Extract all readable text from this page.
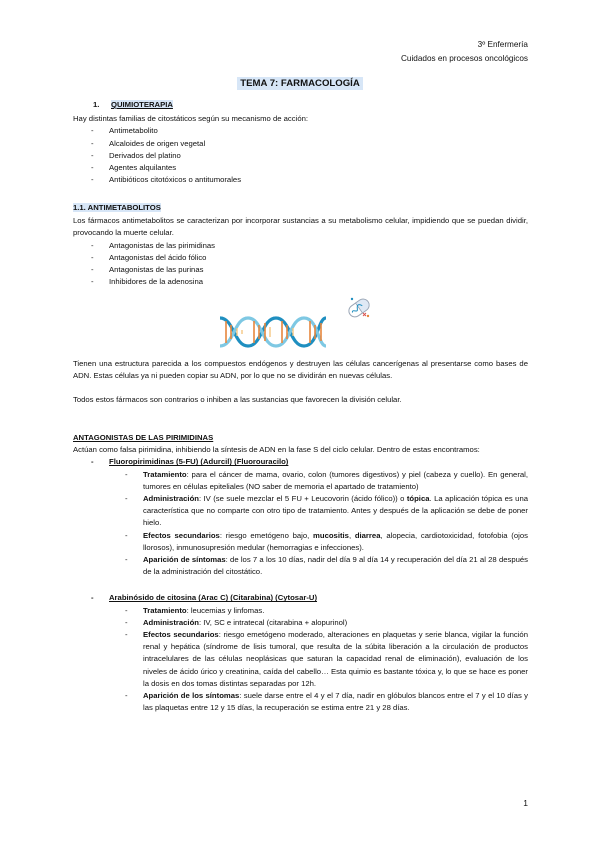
3º Enfermería
Cuidados en procesos oncológicos
TEMA 7: FARMACOLOGÍA
1. QUIMIOTERAPIA
Hay distintas familias de citostáticos según su mecanismo de acción:
- Antimetabolito
- Alcaloides de origen vegetal
- Derivados del platino
- Agentes alquilantes
- Antibióticos citotóxicos o antitumorales
1.1. ANTIMETABOLITOS
Los fármacos antimetabolitos se caracterizan por incorporar sustancias a su metabolismo celular, impidiendo que se puedan dividir, provocando la muerte celular.
- Antagonistas de las pirimidinas
- Antagonistas del ácido fólico
- Antagonistas de las purinas
- Inhibidores de la adenosina
Tienen una estructura parecida a los compuestos endógenos y destruyen las células cancerígenas al presentarse como bases de ADN. Estas células ya ni pueden copiar su ADN, por lo que no se dividirán en nuevas células.
Todos estos fármacos son contrarios o inhiben a las sustancias que favorecen la división celular.
ANTAGONISTAS DE LAS PIRIMIDINAS
Actúan como falsa pirimidina, inhibiendo la síntesis de ADN en la fase S del ciclo celular. Dentro de estas encontramos:
- Fluoropirimidinas (5-FU) (Adurcil) (Fluorouracilo)
- Tratamiento: para el cáncer de mama, ovario, colon (tumores digestivos) y piel (cabeza y cuello). En general, tumores en células epiteliales (NO saber de memoria el apartado de tratamiento)
- Administración: IV (se suele mezclar el 5 FU + Leucovorin (ácido fólico)) o tópica. La aplicación tópica es una característica que no comparte con otro tipo de tratamiento. Antes y después de la aplicación se debe de poner hielo.
- Efectos secundarios: riesgo emetógeno bajo, mucositis, diarrea, alopecia, cardiotoxicidad, fotofobia (ojos llorosos), inmunosupresión medular (hemorragias e infecciones).
- Aparición de síntomas: de los 7 a los 10 días, nadir del día 9 al día 14 y recuperación del día 21 al 28 después de la administración del citostático.
- Arabinósido de citosina (Arac C) (Citarabina) (Cytosar-U)
- Tratamiento: leucemias y linfomas.
- Administración: IV, SC e intratecal (citarabina + alopurinol)
- Efectos secundarios: riesgo emetógeno moderado, alteraciones en plaquetas y serie blanca, vigilar la función renal y hepática (síndrome de lisis tumoral, que resulta de la súbita liberación a la circulación de productos intracelulares de las células neoplásicas que saturan la capacidad renal de eliminación), evaluación de los niveles de ácido úrico y creatinina, caída del cabello… Esta quimio es bastante tóxica y, lo que se hace es poner la dosis en dos tomas distintas separadas por 12h.
- Aparición de los síntomas: suele darse entre el 4 y el 7 día, nadir en glóbulos blancos entre el 7 y el 10 días y las plaquetas entre 12 y 15 días, la recuperación se estima entre 21 y 28 días.
1
